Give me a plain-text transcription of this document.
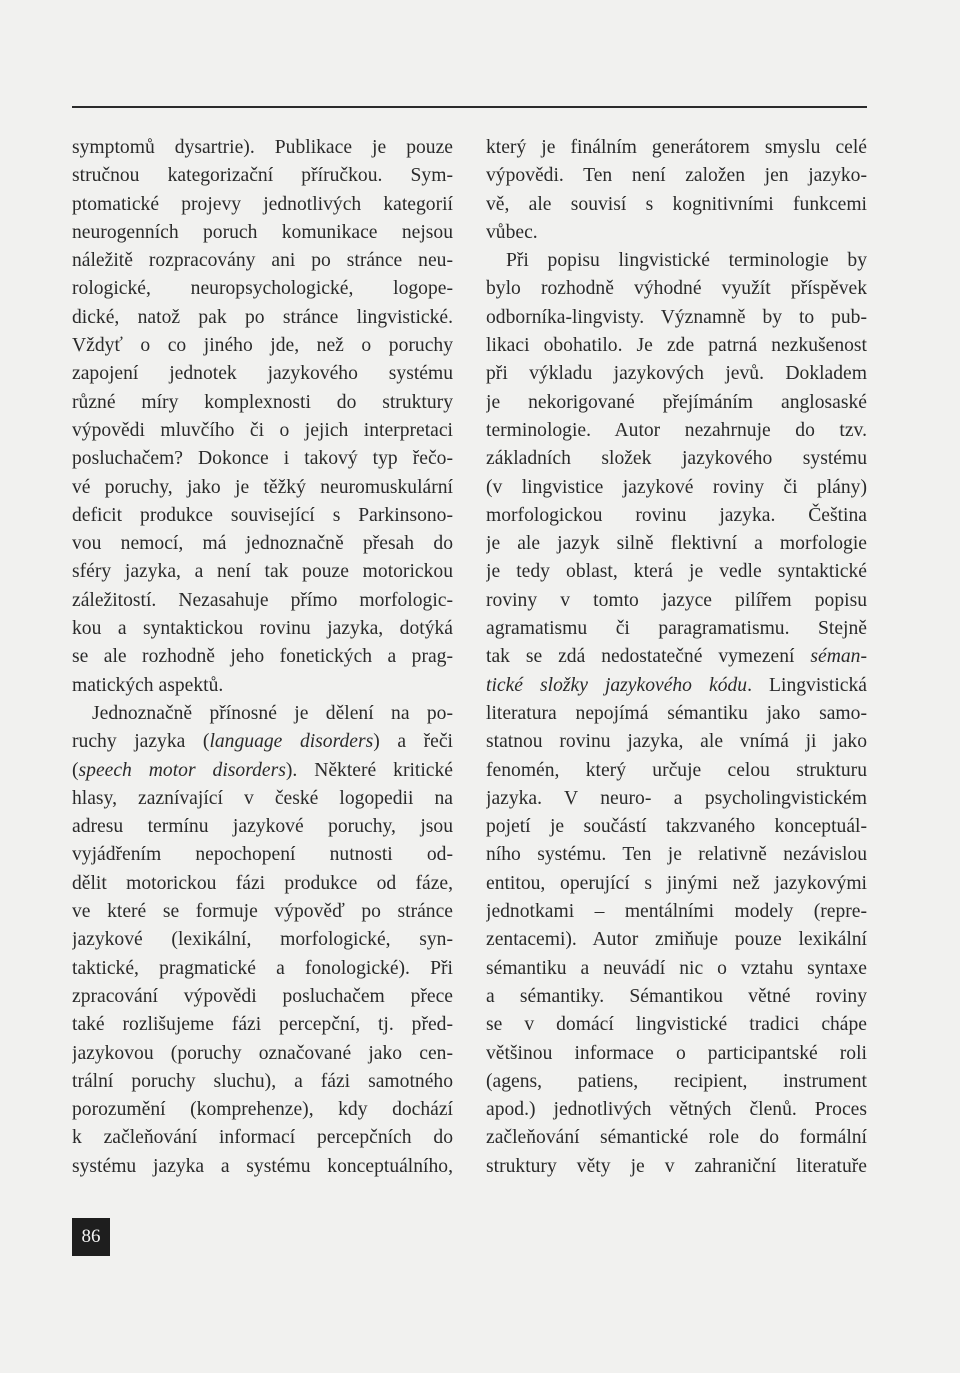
symptomů dysartrie). Publikace je pouze
stručnou kategorizační příručkou. Sym-
ptomatické projevy jednotlivých kategorií
neurogenních poruch komunikace nejsou
náležitě rozpracovány ani po stránce neu-
rologické, neuropsychologické, logope-
dické, natož pak po stránce lingvistické.
Vždyť o co jiného jde, než o poruchy
zapojení jednotek jazykového systému
různé míry komplexnosti do struktury
výpovědi mluvčího či o jejich interpretaci
posluchačem? Dokonce i takový typ řečo-
vé poruchy, jako je těžký neuromuskulární
deficit produkce související s Parkinsono-
vou nemocí, má jednoznačně přesah do
sféry jazyka, a není tak pouze motorickou
záležitostí. Nezasahuje přímo morfologic-
kou a syntaktickou rovinu jazyka, dotýká
se ale rozhodně jeho fonetických a prag-
matických aspektů.
Jednoznačně přínosné je dělení na po-
ruchy jazyka (language disorders) a řeči
(speech motor disorders). Některé kritické
hlasy, zaznívající v české logopedii na
adresu termínu jazykové poruchy, jsou
vyjádřením nepochopení nutnosti od-
dělit motorickou fázi produkce od fáze,
ve které se formuje výpověď po stránce
jazykové (lexikální, morfologické, syn-
taktické, pragmatické a fonologické). Při
zpracování výpovědi posluchačem přece
také rozlišujeme fázi percepční, tj. před-
jazykovou (poruchy označované jako cen-
trální poruchy sluchu), a fázi samotného
porozumění (komprehenze), kdy dochází
k začleňování informací percepčních do
systému jazyka a systému konceptuálního,
který je finálním generátorem smyslu celé
výpovědi. Ten není založen jen jazyko-
vě, ale souvisí s kognitivními funkcemi
vůbec.
Při popisu lingvistické terminologie by
bylo rozhodně výhodné využít příspěvek
odborníka-lingvisty. Významně by to pub-
likaci obohatilo. Je zde patrná nezkušenost
při výkladu jazykových jevů. Dokladem
je nekorigované přejímáním anglosaské
terminologie. Autor nezahrnuje do tzv.
základních složek jazykového systému
(v lingvistice jazykové roviny či plány)
morfologickou rovinu jazyka. Čeština
je ale jazyk silně flektivní a morfologie
je tedy oblast, která je vedle syntaktické
roviny v tomto jazyce pilířem popisu
agramatismu či paragramatismu. Stejně
tak se zdá nedostatečné vymezení séman-
tické složky jazykového kódu. Lingvistická
literatura nepojímá sémantiku jako samo-
statnou rovinu jazyka, ale vnímá ji jako
fenomén, který určuje celou strukturu
jazyka. V neuro- a psycholingvistickém
pojetí je součástí takzvaného konceptuál-
ního systému. Ten je relativně nezávislou
entitou, operující s jinými než jazykovými
jednotkami – mentálními modely (repre-
zentacemi). Autor zmiňuje pouze lexikální
sémantiku a neuvádí nic o vztahu syntaxe
a sémantiky. Sémantikou větné roviny
se v domácí lingvistické tradici chápe
většinou informace o participantské roli
(agens, patiens, recipient, instrument
apod.) jednotlivých větných členů. Proces
začleňování sémantické role do formální
struktury věty je v zahraniční literatuře
86
